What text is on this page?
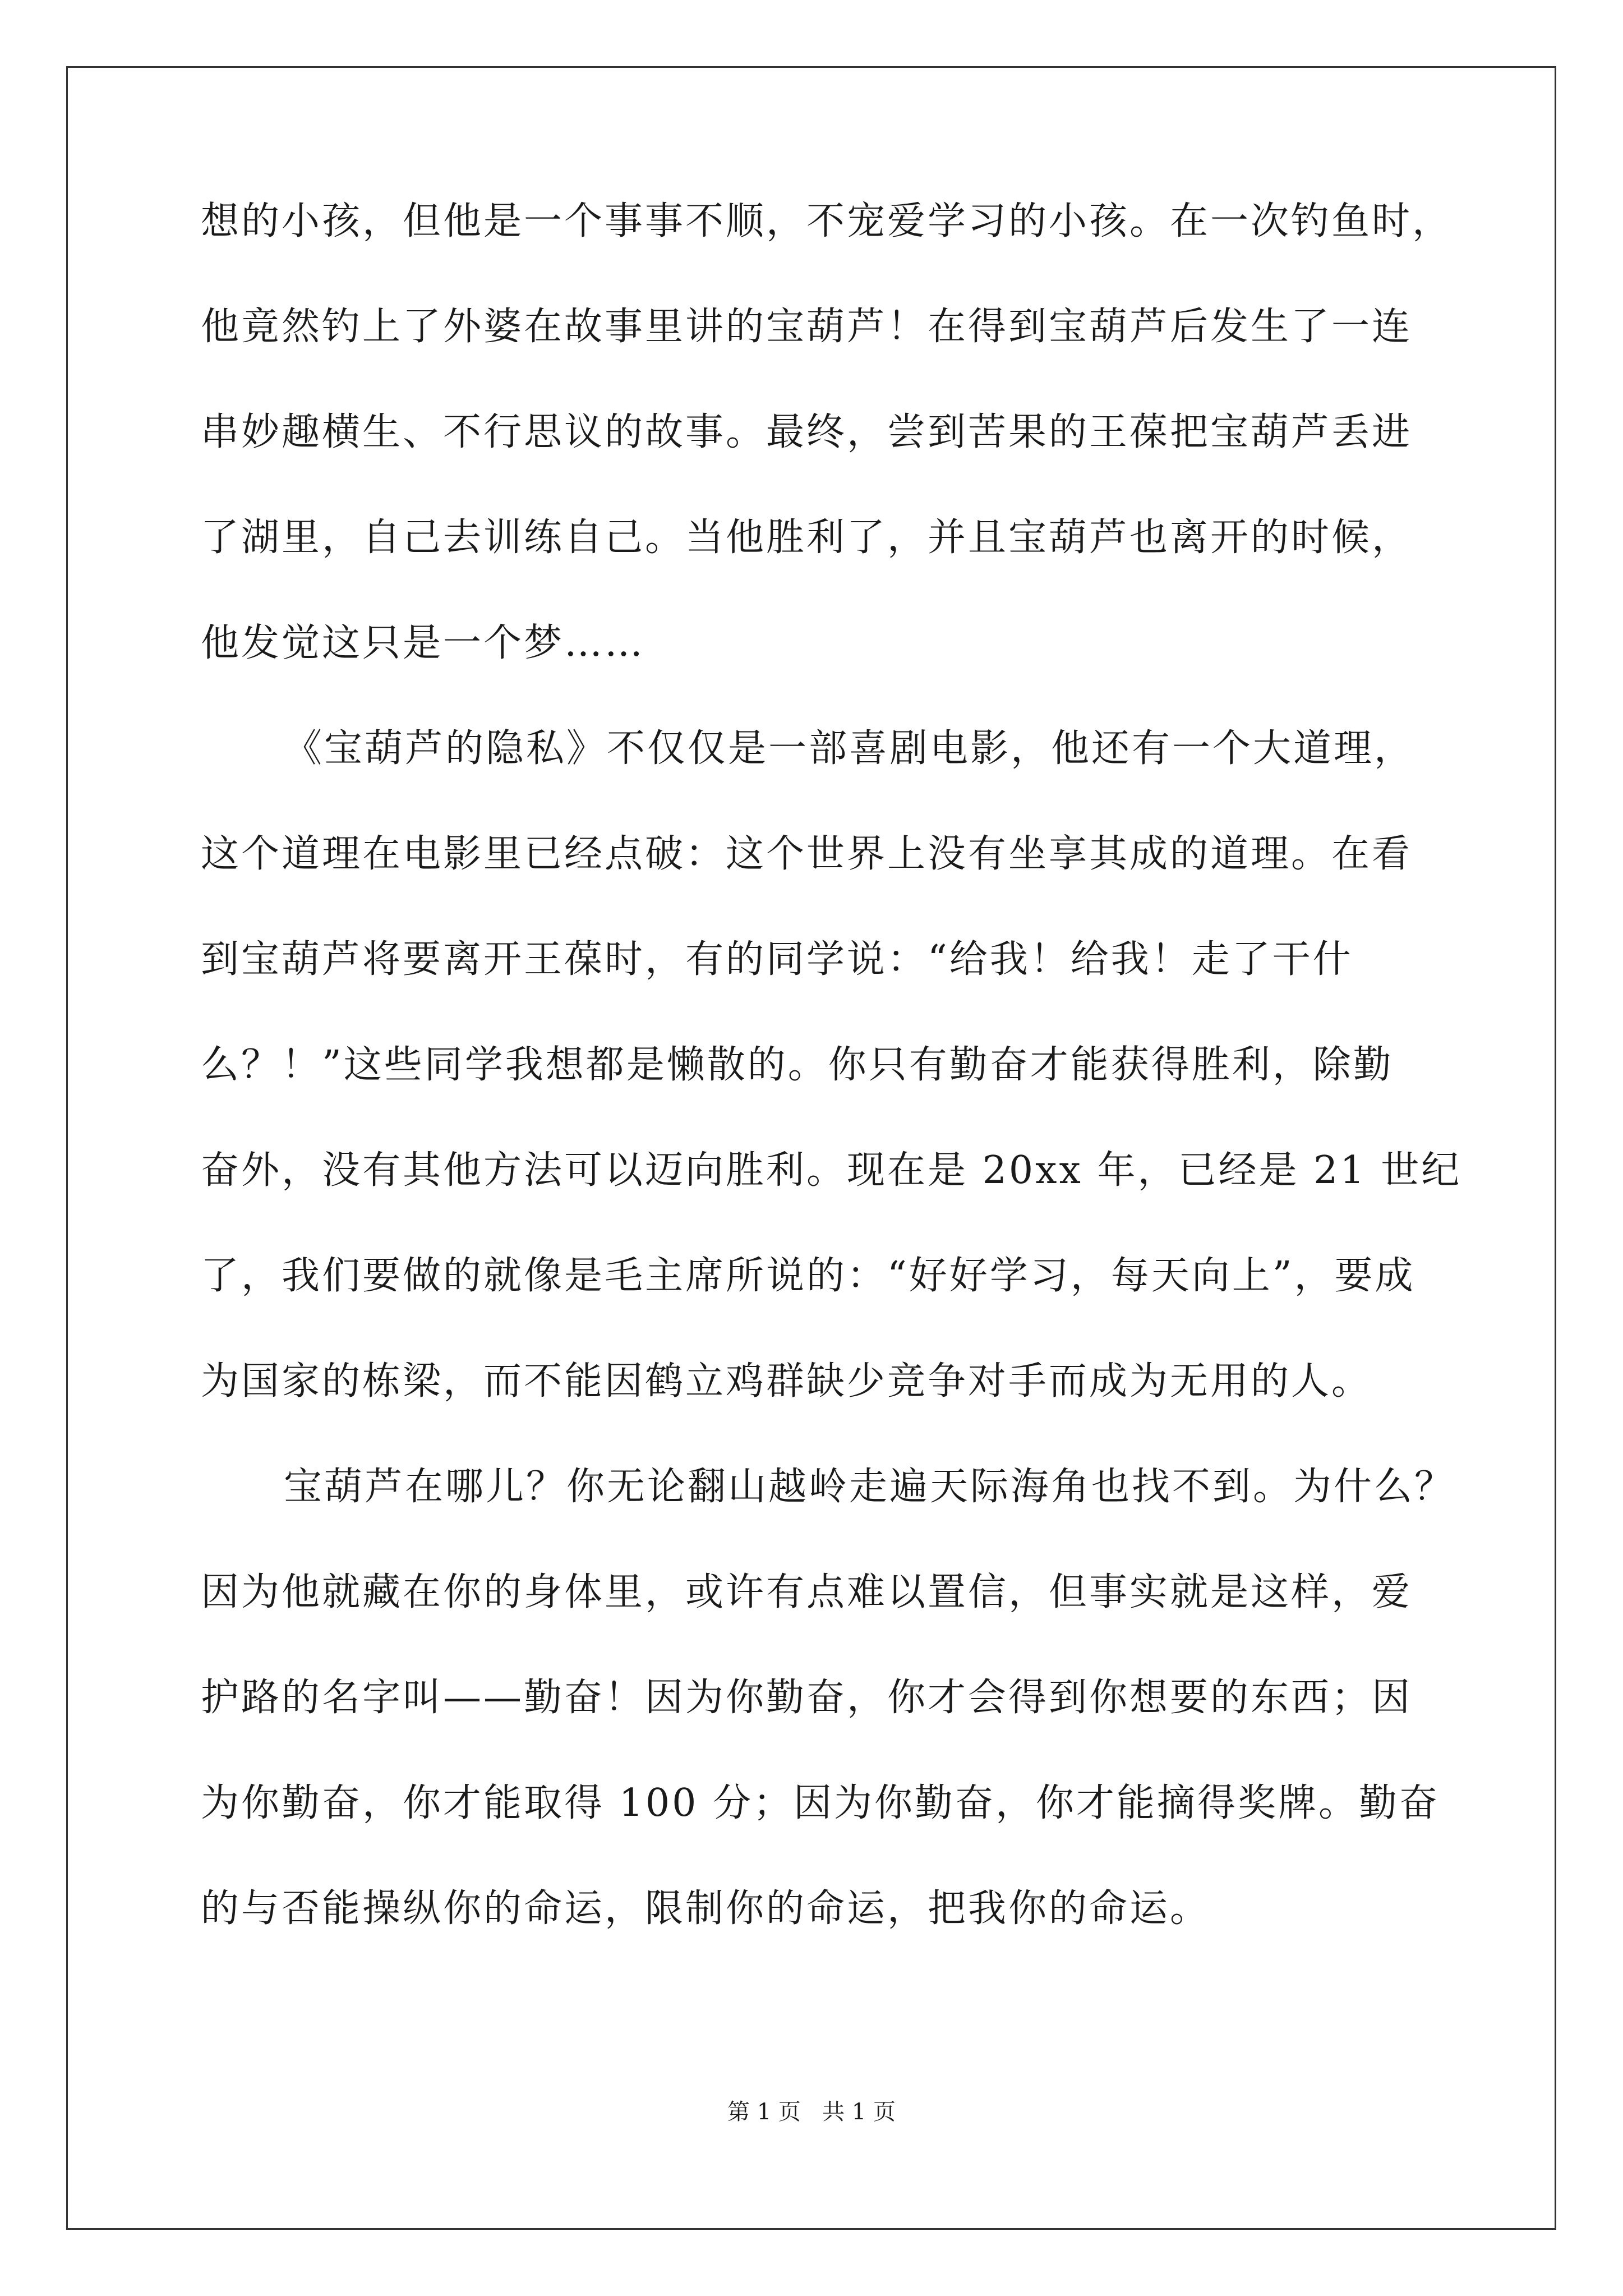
想的小孩，但他是一个事事不顺，不宠爱学习的小孩。在一次钓鱼时，
他竟然钓上了外婆在故事里讲的宝葫芦！在得到宝葫芦后发生了一连
串妙趣横生、不行思议的故事。最终，尝到苦果的王葆把宝葫芦丢进
了湖里，自己去训练自己。当他胜利了，并且宝葫芦也离开的时候，
他发觉这只是一个梦……
《宝葫芦的隐私》不仅仅是一部喜剧电影，他还有一个大道理，
这个道理在电影里已经点破：这个世界上没有坐享其成的道理。在看
到宝葫芦将要离开王葆时，有的同学说：“给我！给我！走了干什
么？！”这些同学我想都是懒散的。你只有勤奋才能获得胜利，除勤
奋外，没有其他方法可以迈向胜利。现在是 20xx 年，已经是 21 世纪
了，我们要做的就像是毛主席所说的：“好好学习，每天向上”，要成
为国家的栋梁，而不能因鹤立鸡群缺少竞争对手而成为无用的人。
宝葫芦在哪儿？你无论翻山越岭走遍天际海角也找不到。为什么？
因为他就藏在你的身体里，或许有点难以置信，但事实就是这样，爱
护路的名字叫——勤奋！因为你勤奋，你才会得到你想要的东西；因
为你勤奋，你才能取得 100 分；因为你勤奋，你才能摘得奖牌。勤奋
的与否能操纵你的命运，限制你的命运，把我你的命运。
第 1 页   共 1 页
